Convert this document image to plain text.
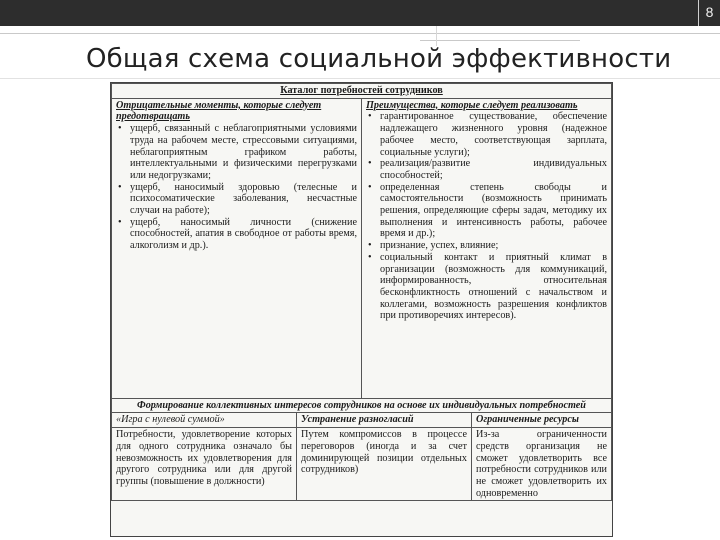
8
Общая схема социальной эффективности
Каталог потребностей сотрудников

Отрицательные моменты, которые следует предотвращать
• ущерб, связанный с неблагоприятными условиями труда на рабочем месте, стрессовыми ситуациями, неблагоприятным графиком работы, интеллектуальными и физическими перегрузками или недогрузками;
• ущерб, наносимый здоровью (телесные и психосоматические заболевания, несчастные случаи на работе);
• ущерб, наносимый личности (снижение способностей, апатия в свободное от работы время, алкоголизм и др.).

Преимущества, которые следует реализовать
• гарантированное существование, обеспечение надлежащего жизненного уровня (надежное рабочее место, соответствующая зарплата, социальные услуги);
• реализация/развитие индивидуальных способностей;
• определенная степень свободы и самостоятельности (возможность принимать решения, определяющие сферы задач, методику их выполнения и интенсивность работы, рабочее время и др.);
• признание, успех, влияние;
• социальный контакт и приятный климат в организации (возможность для коммуникаций, информированность, относительная бесконфликтность отношений с начальством и коллегами, возможность разрешения конфликтов при противоречиях интересов).
Формирование коллективных интересов сотрудников на основе их индивидуальных потребностей		
«Игра с нулевой суммой»	Устранение разногласий	Ограниченные ресурсы
Потребности, удовлетворение которых для одного сотрудника означало бы невозможность их удовлетворения для другого сотрудника или для другой группы (повышение в должности)	Путем компромиссов в процессе переговоров (иногда и за счет доминирующей позиции отдельных сотрудников)	Из-за ограниченности средств организация не сможет удовлетворить все потребности сотрудников или не сможет удовлетворить их одновременно
